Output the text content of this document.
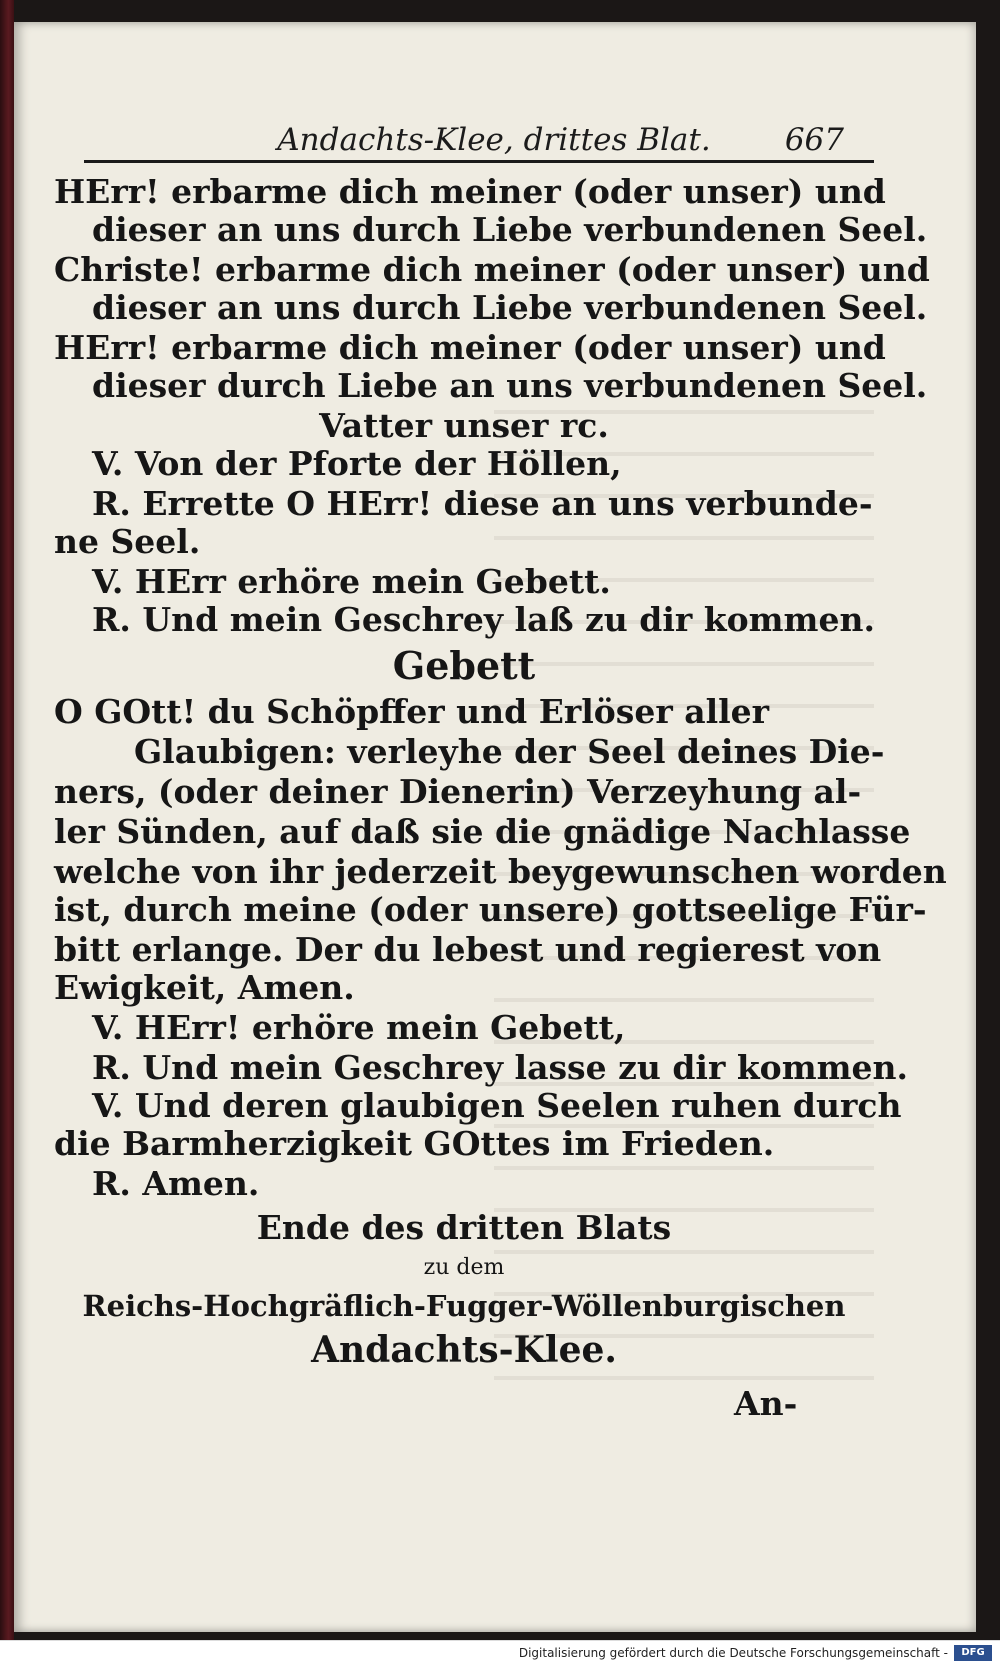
Andachts-Klee, drittes Blat.	667
HErr! erbarme dich meiner (oder unser) und
dieser an uns durch Liebe verbundenen Seel.
Christe! erbarme dich meiner (oder unser) und
dieser an uns durch Liebe verbundenen Seel.
HErr! erbarme dich meiner (oder unser) und
dieser durch Liebe an uns verbundenen Seel.
Vatter unser rc.
V. Von der Pforte der Höllen,
R. Errette O HErr! diese an uns verbunde-
ne Seel.
V. HErr erhöre mein Gebett.
R. Und mein Geschrey laß zu dir kommen.
Gebett
O GOtt! du Schöpffer und Erlöser aller
Glaubigen: verleyhe der Seel deines Die-
ners, (oder deiner Dienerin) Verzeyhung al-
ler Sünden, auf daß sie die gnädige Nachlasse
welche von ihr jederzeit beygewunschen worden
ist, durch meine (oder unsere) gottseelige Für-
bitt erlange. Der du lebest und regierest von
Ewigkeit, Amen.
V. HErr! erhöre mein Gebett,
R. Und mein Geschrey lasse zu dir kommen.
V. Und deren glaubigen Seelen ruhen durch
die Barmherzigkeit GOttes im Frieden.
R. Amen.
Ende des dritten Blats
zu dem
Reichs-Hochgräflich-Fugger-Wöllenburgischen
Andachts-Klee.
An-
Digitalisierung gefördert durch die Deutsche Forschungsgemeinschaft -	DFG
